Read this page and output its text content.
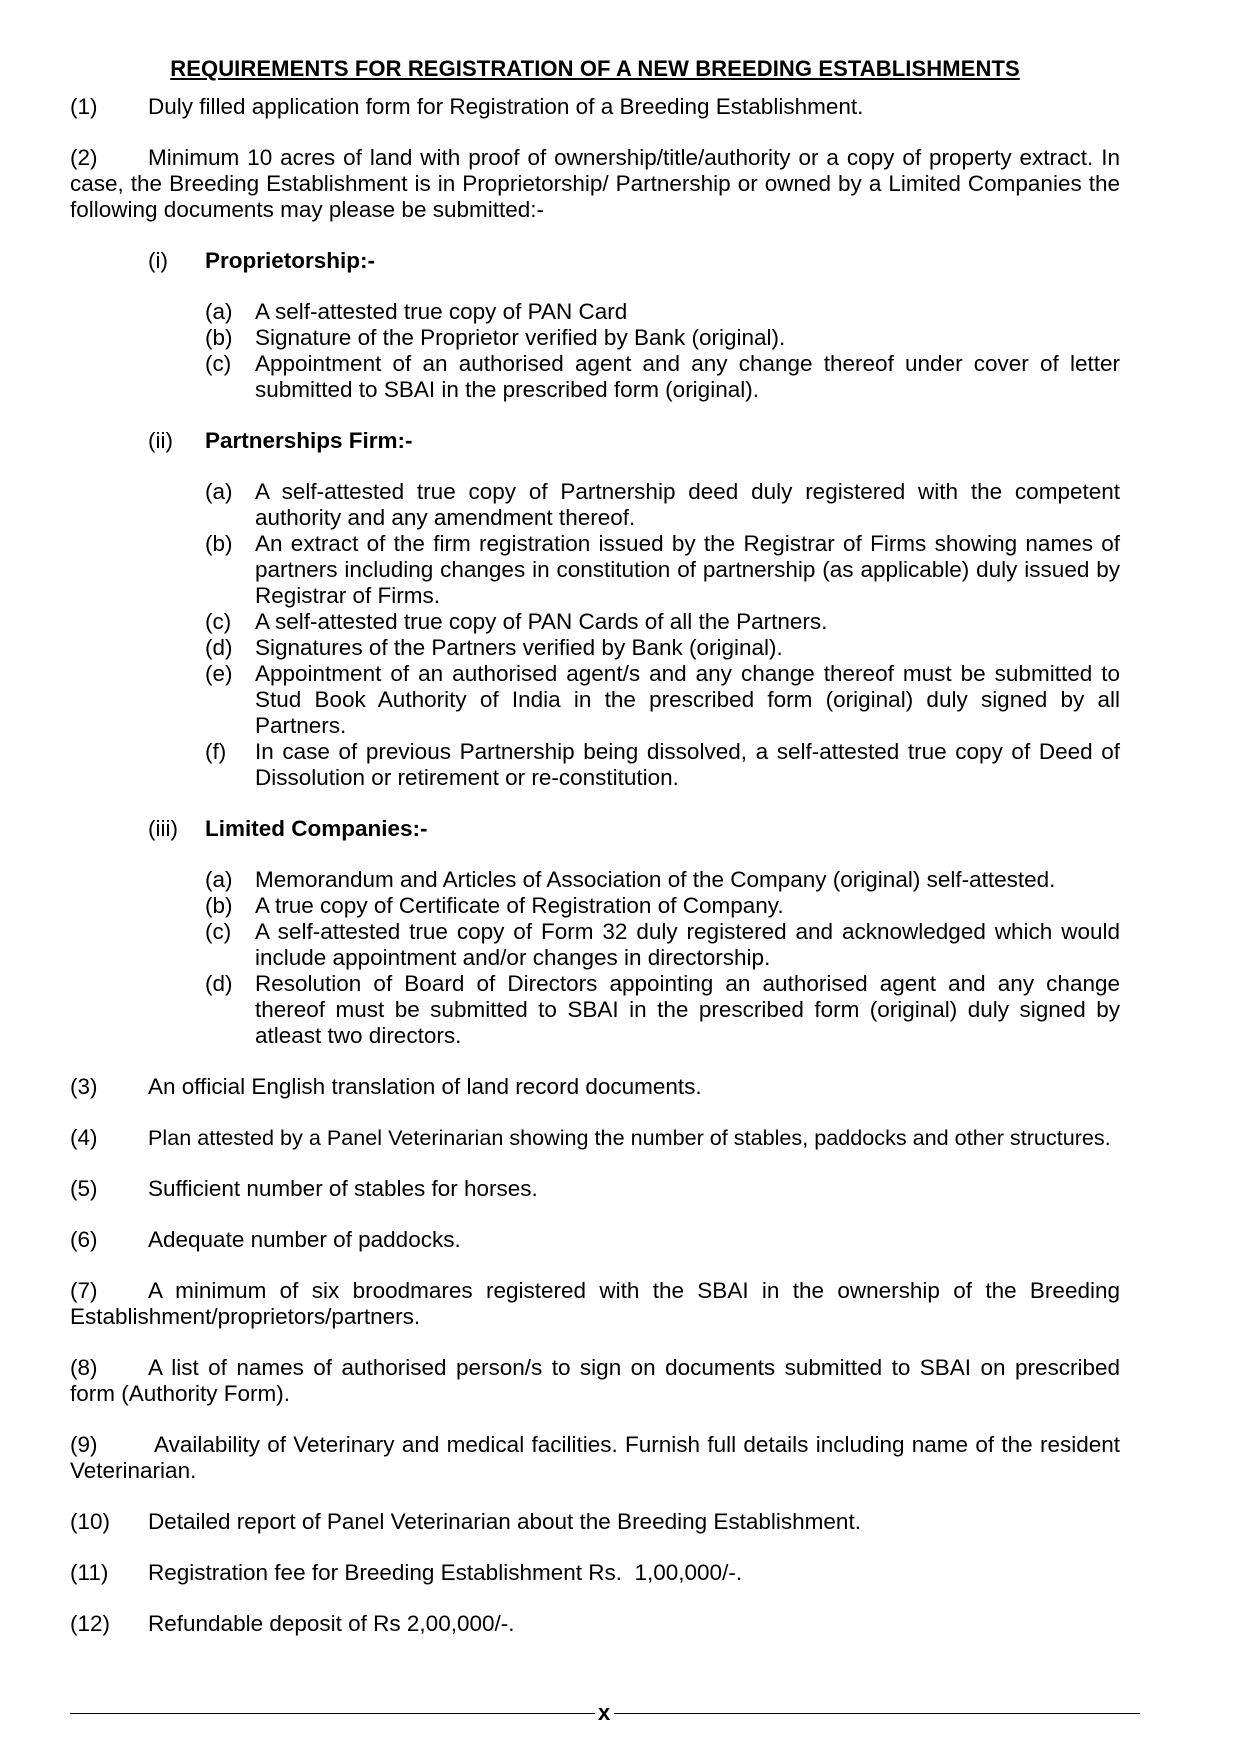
REQUIREMENTS FOR REGISTRATION OF A NEW BREEDING ESTABLISHMENTS
(1)	Duly filled application form for Registration of a Breeding Establishment.
(2) Minimum 10 acres of land with proof of ownership/title/authority or a copy of property extract. In case, the Breeding Establishment is in Proprietorship/ Partnership or owned by a Limited Companies the following documents may please be submitted:-
(i)	Proprietorship:-
(a) A self-attested true copy of PAN Card
(b) Signature of the Proprietor verified by Bank (original).
(c) Appointment of an authorised agent and any change thereof under cover of letter submitted to SBAI in the prescribed form (original).
(ii)	Partnerships Firm:-
(a) A self-attested true copy of Partnership deed duly registered with the competent authority and any amendment thereof.
(b) An extract of the firm registration issued by the Registrar of Firms showing names of partners including changes in constitution of partnership (as applicable) duly issued by Registrar of Firms.
(c) A self-attested true copy of PAN Cards of all the Partners.
(d) Signatures of the Partners verified by Bank (original).
(e) Appointment of an authorised agent/s and any change thereof must be submitted to Stud Book Authority of India in the prescribed form (original) duly signed by all Partners.
(f) In case of previous Partnership being dissolved, a self-attested true copy of Deed of Dissolution or retirement or re-constitution.
(iii)	Limited Companies:-
(a) Memorandum and Articles of Association of the Company (original) self-attested.
(b) A true copy of Certificate of Registration of Company.
(c) A self-attested true copy of Form 32 duly registered and acknowledged which would include appointment and/or changes in directorship.
(d) Resolution of Board of Directors appointing an authorised agent and any change thereof must be submitted to SBAI in the prescribed form (original) duly signed by atleast two directors.
(3)	An official English translation of land record documents.
(4)	Plan attested by a Panel Veterinarian showing the number of stables, paddocks and other structures.
(5)	Sufficient number of stables for horses.
(6)	Adequate number of paddocks.
(7) A minimum of six broodmares registered with the SBAI in the ownership of the Breeding Establishment/proprietors/partners.
(8) A list of names of authorised person/s to sign on documents submitted to SBAI on prescribed form (Authority Form).
(9) Availability of Veterinary and medical facilities. Furnish full details including name of the resident Veterinarian.
(10)	Detailed report of Panel Veterinarian about the Breeding Establishment.
(11)	Registration fee for Breeding Establishment Rs.  1,00,000/-.
(12)	Refundable deposit of Rs 2,00,000/-.
x
